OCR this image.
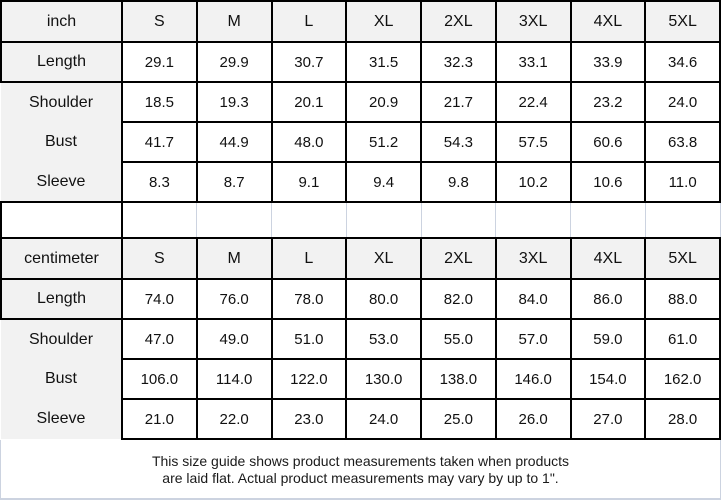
inch	S	M	L	XL	2XL	3XL	4XL	5XL
Length	29.1	29.9	30.7	31.5	32.3	33.1	33.9	34.6
Shoulder	18.5	19.3	20.1	20.9	21.7	22.4	23.2	24.0
Bust	41.7	44.9	48.0	51.2	54.3	57.5	60.6	63.8
Sleeve	8.3	8.7	9.1	9.4	9.8	10.2	10.6	11.0

centimeter	S	M	L	XL	2XL	3XL	4XL	5XL
Length	74.0	76.0	78.0	80.0	82.0	84.0	86.0	88.0
Shoulder	47.0	49.0	51.0	53.0	55.0	57.0	59.0	61.0
Bust	106.0	114.0	122.0	130.0	138.0	146.0	154.0	162.0
Sleeve	21.0	22.0	23.0	24.0	25.0	26.0	27.0	28.0
This size guide shows product measurements taken when products
are laid flat. Actual product measurements may vary by up to 1".
